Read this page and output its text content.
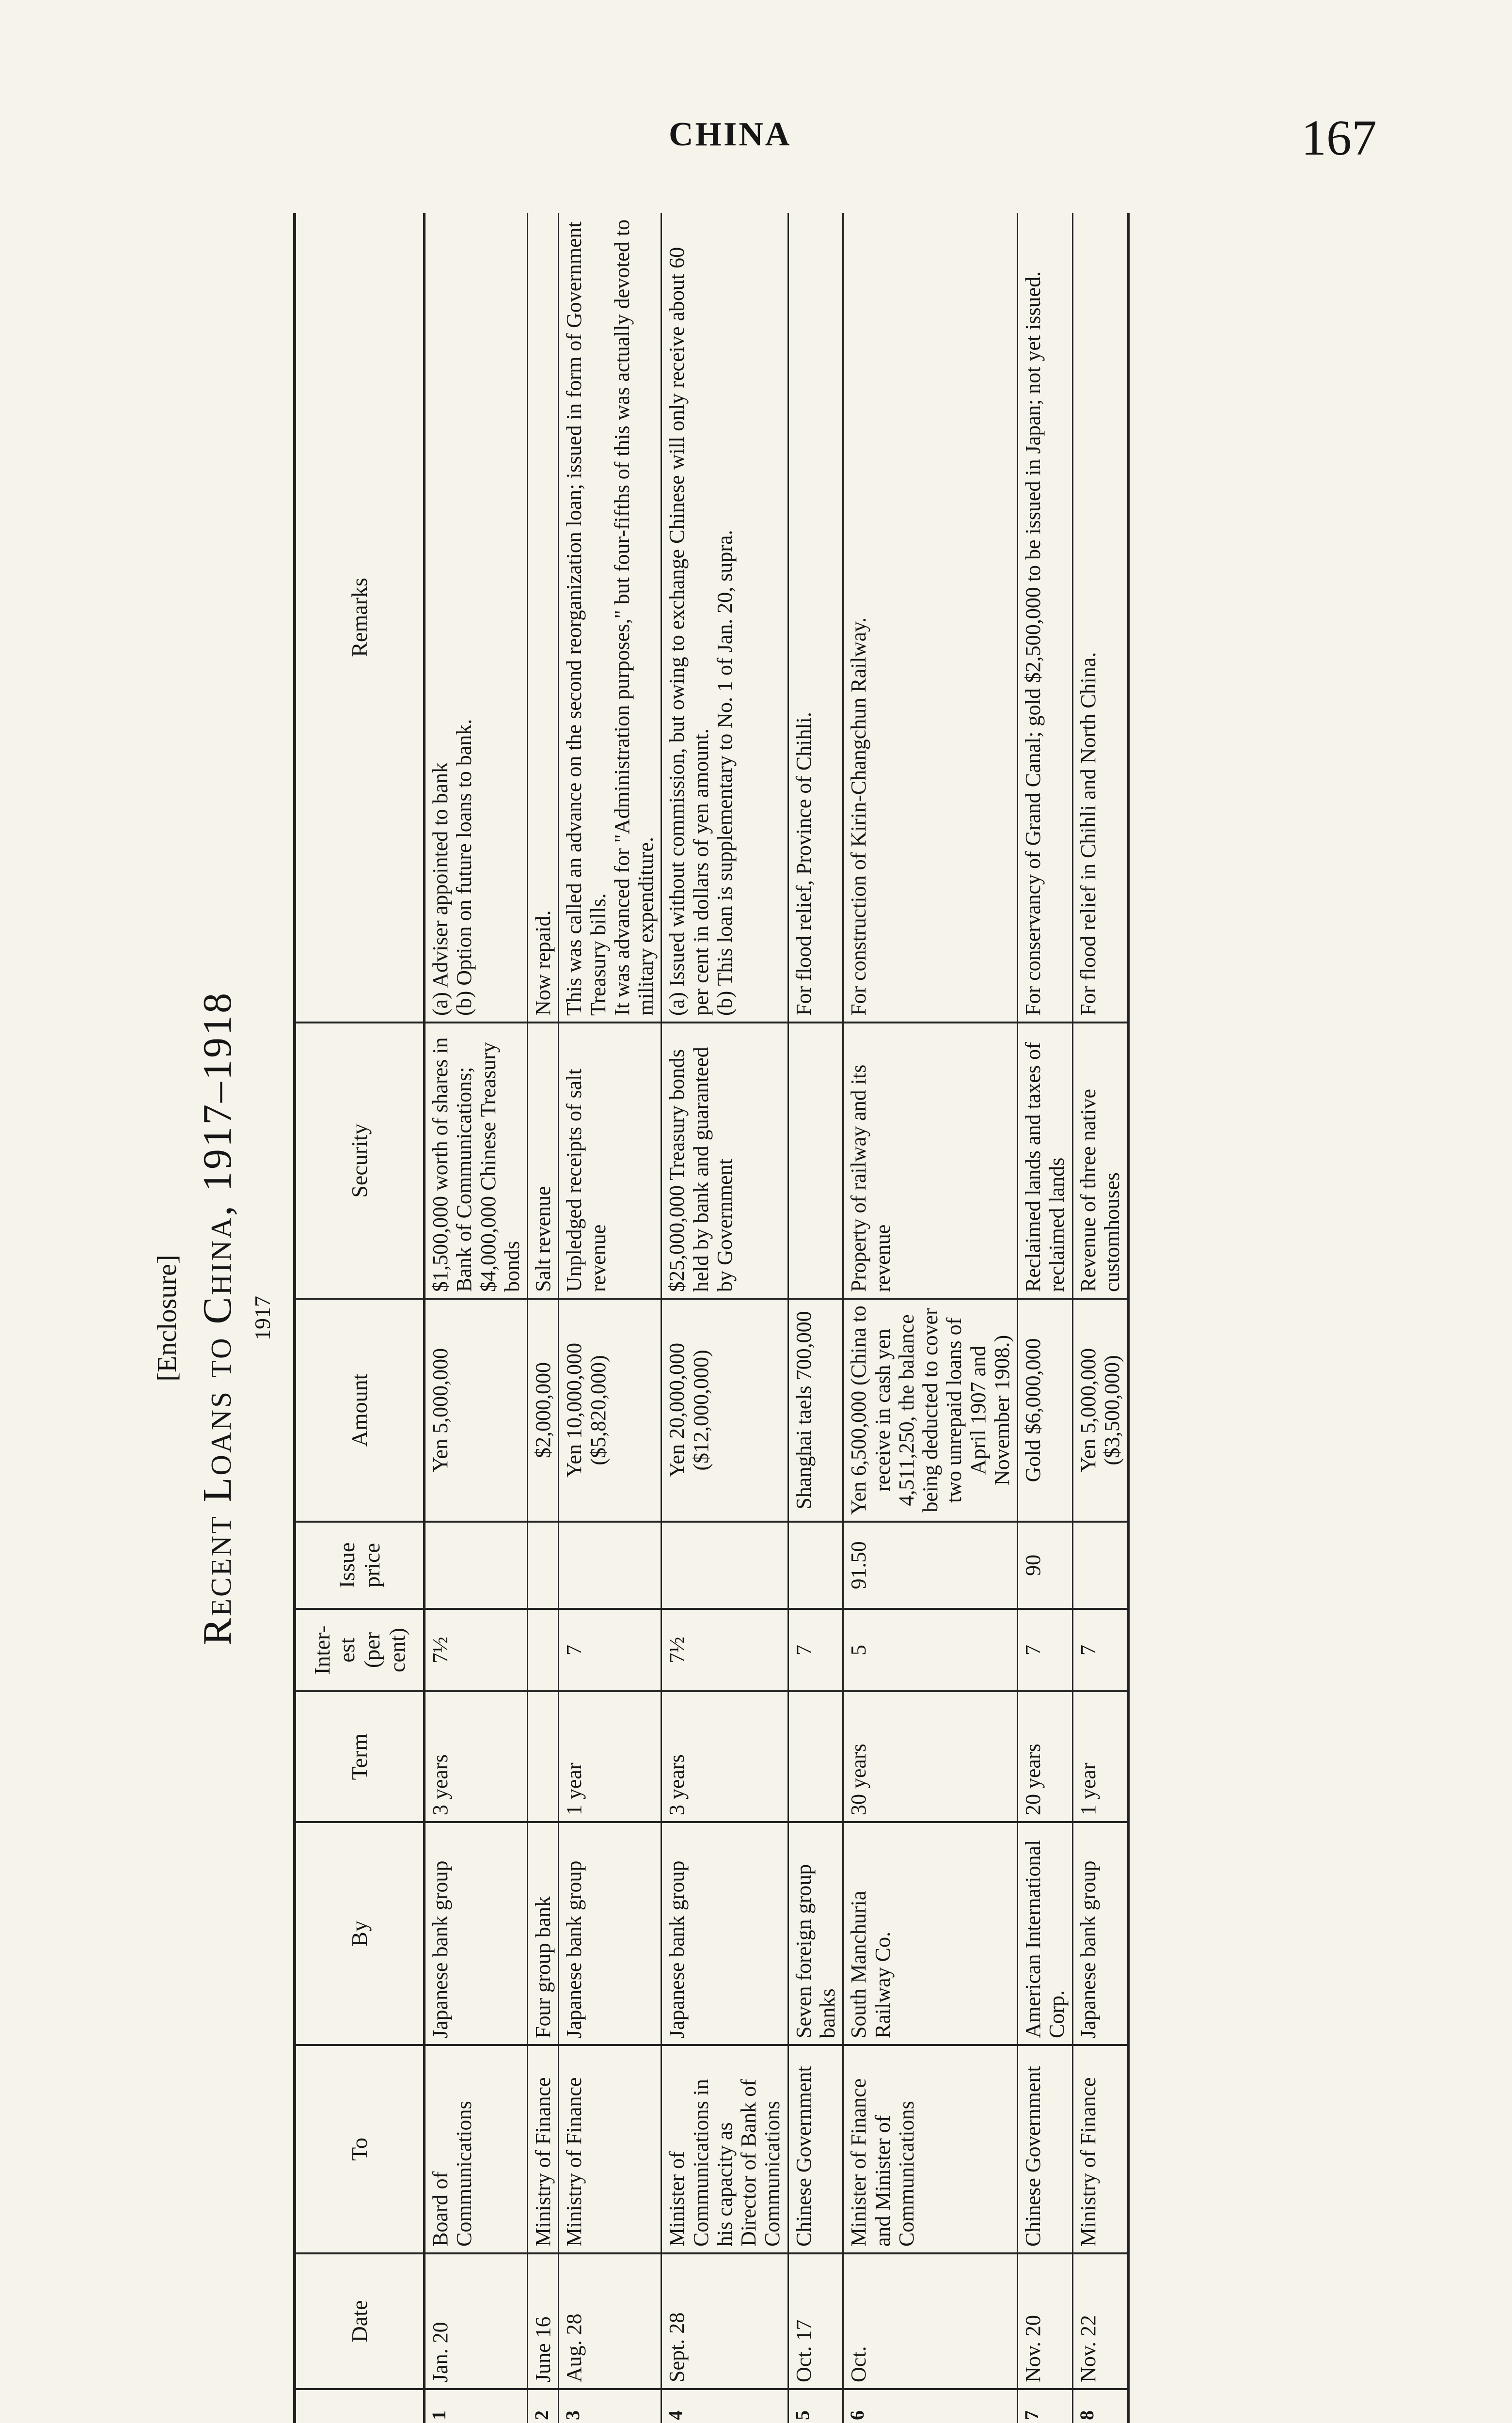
CHINA	167
[Enclosure] Recent Loans to China, 1917–1918 1917
	Date	To	By	Term	Inter-
est
(per
cent)	Issue
price	Amount	Security	Remarks
1	Jan. 20	Board of Communications	Japanese bank group	3 years	7½		Yen 5,000,000	$1,500,000 worth of shares in Bank of Communications; $4,000,000 Chinese Treasury bonds	(a) Adviser appointed to bank
(b) Option on future loans to bank.
2	June 16	Ministry of Finance	Four group bank				$2,000,000	Salt revenue	Now repaid.
3	Aug. 28	Ministry of Finance	Japanese bank group	1 year	7		Yen 10,000,000 ($5,820,000)	Unpledged receipts of salt revenue	This was called an advance on the second reorganization loan; issued in form of Government Treasury bills.
It was advanced for "Administration purposes," but four-fifths of this was actually devoted to military expenditure.
4	Sept. 28	Minister of Communications in his capacity as Director of Bank of Communications	Japanese bank group	3 years	7½		Yen 20,000,000 ($12,000,000)	$25,000,000 Treasury bonds held by bank and guaranteed by Government	(a) Issued without commission, but owing to exchange Chinese will only receive about 60 per cent in dollars of yen amount.
(b) This loan is supplementary to No. 1 of Jan. 20, supra.
5	Oct. 17	Chinese Government	Seven foreign group banks		7		Shanghai taels 700,000		For flood relief, Province of Chihli.
6	Oct.	Minister of Finance and Minister of Communications	South Manchuria Railway Co.	30 years	5	91.50	Yen 6,500,000 (China to receive in cash yen 4,511,250, the balance being deducted to cover two unrepaid loans of April 1907 and November 1908.)	Property of railway and its revenue	For construction of Kirin-Changchun Railway.
7	Nov. 20	Chinese Government	American International Corp.	20 years	7	90	Gold $6,000,000	Reclaimed lands and taxes of reclaimed lands	For conservancy of Grand Canal; gold $2,500,000 to be issued in Japan; not yet issued.
8	Nov. 22	Ministry of Finance	Japanese bank group	1 year	7		Yen 5,000,000 ($3,500,000)	Revenue of three native customhouses	For flood relief in Chihli and North China.
